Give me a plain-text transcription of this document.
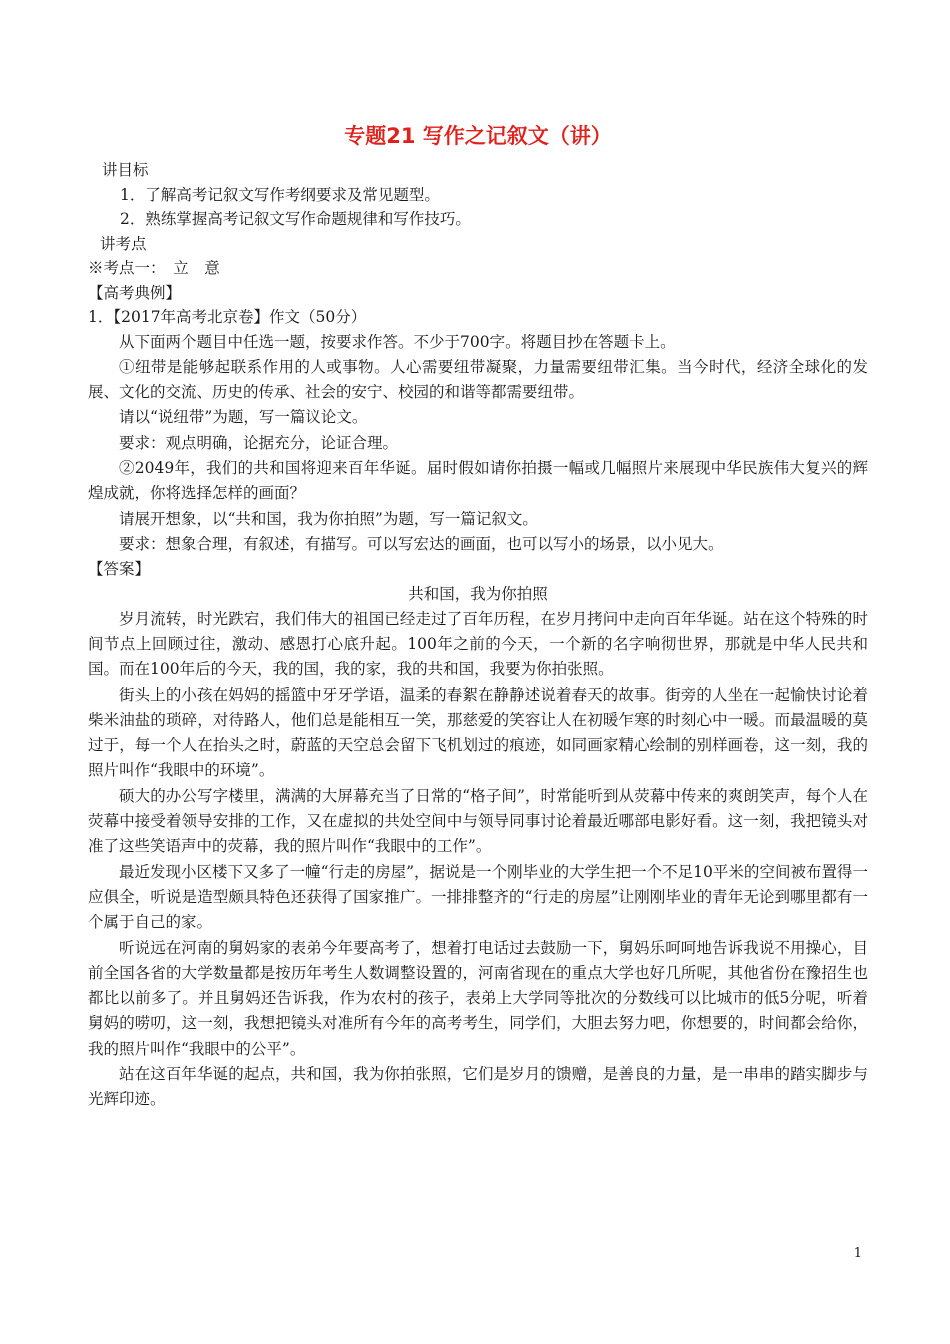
专题21 写作之记叙文（讲）

讲目标

1．了解高考记叙文写作考纲要求及常见题型。

2．熟练掌握高考记叙文写作命题规律和写作技巧。

讲考点

※考点一：　立　意

【高考典例】

1．【2017年高考北京卷】作文（50分）

从下面两个题目中任选一题，按要求作答。不少于700字。将题目抄在答题卡上。

①纽带是能够起联系作用的人或事物。人心需要纽带凝聚，力量需要纽带汇集。当今时代，经济全球化的发展、文化的交流、历史的传承、社会的安宁、校园的和谐等都需要纽带。

请以“说纽带”为题，写一篇议论文。

要求：观点明确，论据充分，论证合理。

②2049年，我们的共和国将迎来百年华诞。届时假如请你拍摄一幅或几幅照片来展现中华民族伟大复兴的辉煌成就，你将选择怎样的画面？

请展开想象，以“共和国，我为你拍照”为题，写一篇记叙文。

要求：想象合理，有叙述，有描写。可以写宏达的画面，也可以写小的场景，以小见大。

【答案】

共和国，我为你拍照

岁月流转，时光跌宕，我们伟大的祖国已经走过了百年历程，在岁月拷问中走向百年华诞。站在这个特殊的时间节点上回顾过往，激动、感恩打心底升起。100年之前的今天，一个新的名字响彻世界，那就是中华人民共和国。而在100年后的今天，我的国，我的家，我的共和国，我要为你拍张照。

街头上的小孩在妈妈的摇篮中牙牙学语，温柔的春絮在静静述说着春天的故事。街旁的人坐在一起愉快讨论着柴米油盐的琐碎，对待路人，他们总是能相互一笑，那慈爱的笑容让人在初暖乍寒的时刻心中一暖。而最温暖的莫过于，每一个人在抬头之时，蔚蓝的天空总会留下飞机划过的痕迹，如同画家精心绘制的别样画卷，这一刻，我的照片叫作“我眼中的环境”。

硕大的办公写字楼里，满满的大屏幕充当了日常的“格子间”，时常能听到从荧幕中传来的爽朗笑声，每个人在荧幕中接受着领导安排的工作，又在虚拟的共处空间中与领导同事讨论着最近哪部电影好看。这一刻，我把镜头对准了这些笑语声中的荧幕，我的照片叫作“我眼中的工作”。

最近发现小区楼下又多了一幢“行走的房屋”，据说是一个刚毕业的大学生把一个不足10平米的空间被布置得一应俱全，听说是造型颇具特色还获得了国家推广。一排排整齐的“行走的房屋”让刚刚毕业的青年无论到哪里都有一个属于自己的家。

听说远在河南的舅妈家的表弟今年要高考了，想着打电话过去鼓励一下，舅妈乐呵呵地告诉我说不用操心，目前全国各省的大学数量都是按历年考生人数调整设置的，河南省现在的重点大学也好几所呢，其他省份在豫招生也都比以前多了。并且舅妈还告诉我，作为农村的孩子，表弟上大学同等批次的分数线可以比城市的低5分呢，听着舅妈的唠叨，这一刻，我想把镜头对准所有今年的高考考生，同学们，大胆去努力吧，你想要的，时间都会给你，我的照片叫作“我眼中的公平”。

站在这百年华诞的起点，共和国，我为你拍张照，它们是岁月的馈赠，是善良的力量，是一串串的踏实脚步与光辉印迹。

1
